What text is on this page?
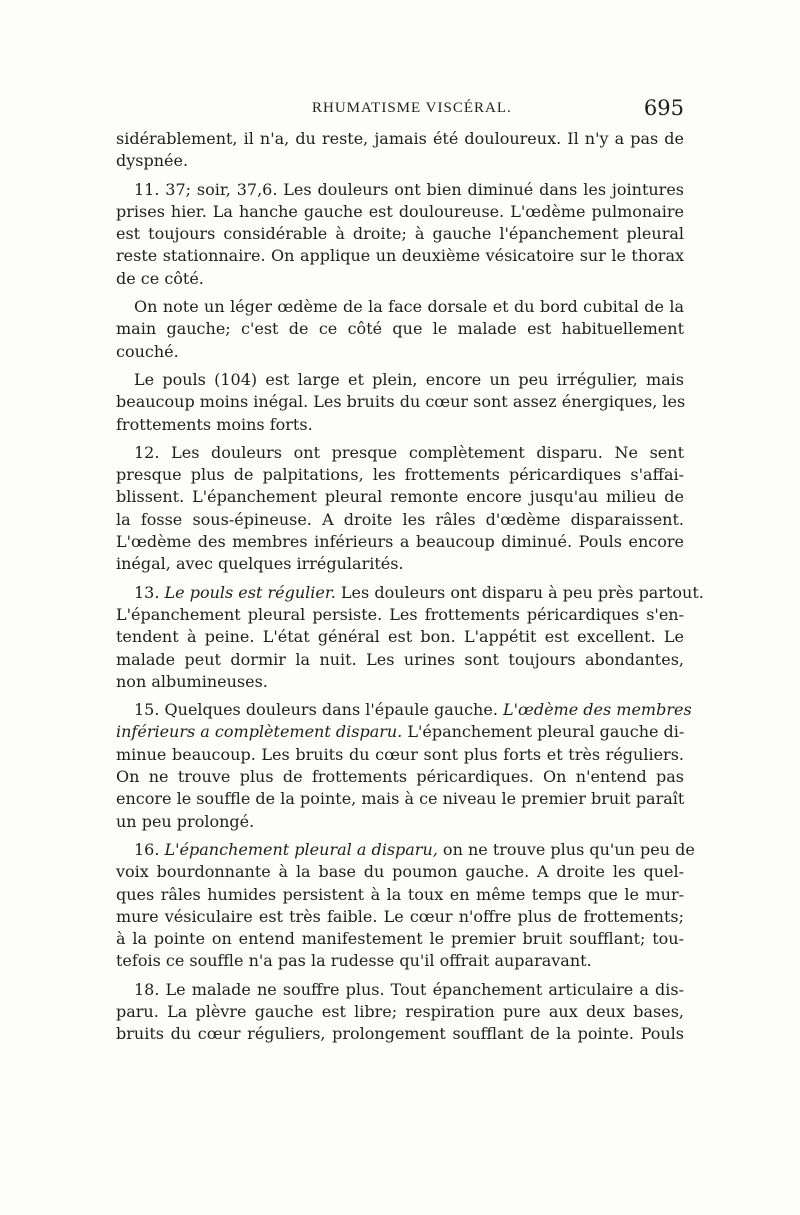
RHUMATISME VISCÉRAL.	695
sidérablement, il n'a, du reste, jamais été douloureux. Il n'y a pas de
dyspnée.
11. 37; soir, 37,6. Les douleurs ont bien diminué dans les jointures
prises hier. La hanche gauche est douloureuse. L'œdème pulmonaire
est toujours considérable à droite; à gauche l'épanchement pleural
reste stationnaire. On applique un deuxième vésicatoire sur le thorax
de ce côté.
On note un léger œdème de la face dorsale et du bord cubital de la
main gauche; c'est de ce côté que le malade est habituellement
couché.
Le pouls (104) est large et plein, encore un peu irrégulier, mais
beaucoup moins inégal. Les bruits du cœur sont assez énergiques, les
frottements moins forts.
12. Les douleurs ont presque complètement disparu. Ne sent
presque plus de palpitations, les frottements péricardiques s'affai-
blissent. L'épanchement pleural remonte encore jusqu'au milieu de
la fosse sous-épineuse. A droite les râles d'œdème disparaissent.
L'œdème des membres inférieurs a beaucoup diminué. Pouls encore
inégal, avec quelques irrégularités.
13. Le pouls est régulier. Les douleurs ont disparu à peu près partout.
L'épanchement pleural persiste. Les frottements péricardiques s'en-
tendent à peine. L'état général est bon. L'appétit est excellent. Le
malade peut dormir la nuit. Les urines sont toujours abondantes,
non albumineuses.
15. Quelques douleurs dans l'épaule gauche. L'œdème des membres
inférieurs a complètement disparu. L'épanchement pleural gauche di-
minue beaucoup. Les bruits du cœur sont plus forts et très réguliers.
On ne trouve plus de frottements péricardiques. On n'entend pas
encore le souffle de la pointe, mais à ce niveau le premier bruit paraît
un peu prolongé.
16. L'épanchement pleural a disparu, on ne trouve plus qu'un peu de
voix bourdonnante à la base du poumon gauche. A droite les quel-
ques râles humides persistent à la toux en même temps que le mur-
mure vésiculaire est très faible. Le cœur n'offre plus de frottements;
à la pointe on entend manifestement le premier bruit soufflant; tou-
tefois ce souffle n'a pas la rudesse qu'il offrait auparavant.
18. Le malade ne souffre plus. Tout épanchement articulaire a dis-
paru. La plèvre gauche est libre; respiration pure aux deux bases,
bruits du cœur réguliers, prolongement soufflant de la pointe. Pouls
